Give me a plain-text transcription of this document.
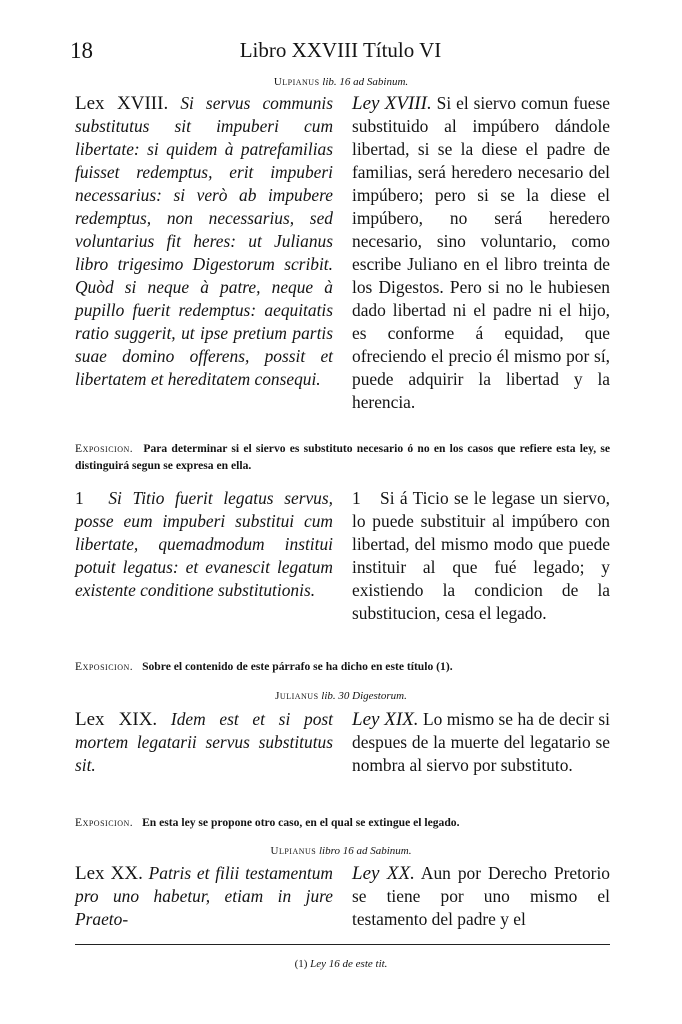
18	Libro XXVIII Título VI
Ulpianus lib. 16 ad Sabinum.
Lex XVIII. Si servus communis substitutus sit impuberi cum libertate: si quidem à patrefamilias fuisset redemptus, erit impuberi necessarius: si verò ab impubere redemptus, non necessarius, sed voluntarius fit heres: ut Julianus libro trigesimo Digestorum scribit. Quòd si neque à patre, neque à pupillo fuerit redemptus: aequitatis ratio suggerit, ut ipse pretium partis suae domino offerens, possit et libertatem et hereditatem consequi.
Ley XVIII. Si el siervo comun fuese substituido al impúbero dándole libertad, si se la diese el padre de familias, será heredero necesario del impúbero; pero si se la diese el impúbero, no será heredero necesario, sino voluntario, como escribe Juliano en el libro treinta de los Digestos. Pero si no le hubiesen dado libertad ni el padre ni el hijo, es conforme á equidad, que ofreciendo el precio él mismo por sí, puede adquirir la libertad y la herencia.
Exposicion. Para determinar si el siervo es substituto necesario ó no en los casos que refiere esta ley, se distinguirá segun se expresa en ella.
1 Si Titio fuerit legatus servus, posse eum impuberi substitui cum libertate, quemadmodum institui potuit legatus: et evanescit legatum existente conditione substitutionis.
1 Si á Ticio se le legase un siervo, lo puede substituir al impúbero con libertad, del mismo modo que puede instituir al que fué legado; y existiendo la condicion de la substitucion, cesa el legado.
Exposicion. Sobre el contenido de este párrafo se ha dicho en este título (1).
Julianus lib. 30 Digestorum.
Lex XIX. Idem est et si post mortem legatarii servus substitutus sit.
Ley XIX. Lo mismo se ha de decir si despues de la muerte del legatario se nombra al siervo por substituto.
Exposicion. En esta ley se propone otro caso, en el qual se extingue el legado.
Ulpianus libro 16 ad Sabinum.
Lex XX. Patris et filii testamentum pro uno habetur, etiam in jure Praeto-
Ley XX. Aun por Derecho Pretorio se tiene por uno mismo el testamento del padre y el
(1) Ley 16 de este tit.
